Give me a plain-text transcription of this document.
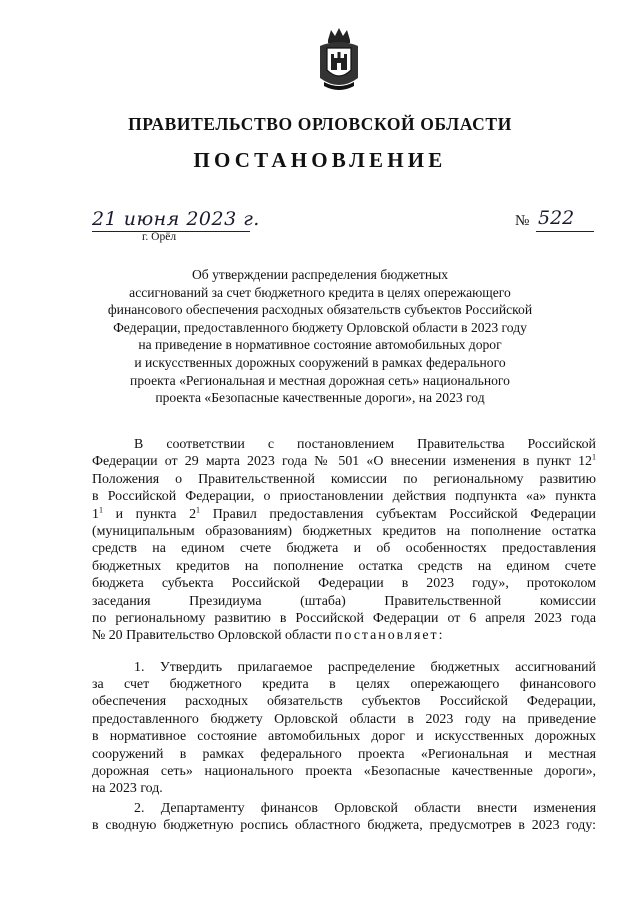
ПРАВИТЕЛЬСТВО ОРЛОВСКОЙ ОБЛАСТИ
ПОСТАНОВЛЕНИЕ
21 июня 2023 г.
г. Орёл
№ 522
Об утверждении распределения бюджетных
ассигнований за счет бюджетного кредита в целях опережающего
финансового обеспечения расходных обязательств субъектов Российской
Федерации, предоставленного бюджету Орловской области в 2023 году
на приведение в нормативное состояние автомобильных дорог
и искусственных дорожных сооружений в рамках федерального
проекта «Региональная и местная дорожная сеть» национального
проекта «Безопасные качественные дороги», на 2023 год
В соответствии с постановлением Правительства Российской
Федерации от 29 марта 2023 года № 501 «О внесении изменения в пункт $12^1$
Положения о Правительственной комиссии по региональному развитию
в Российской Федерации, о приостановлении действия подпункта «а» пункта
$1^1$ и пункта $2^1$ Правил предоставления субъектам Российской Федерации
(муниципальным образованиям) бюджетных кредитов на пополнение остатка
средств на едином счете бюджета и об особенностях предоставления
бюджетных кредитов на пополнение остатка средств на едином счете
бюджета субъекта Российской Федерации в 2023 году», протоколом
заседания Президиума (штаба) Правительственной комиссии
по региональному развитию в Российской Федерации от 6 апреля 2023 года
№ 20 Правительство Орловской области постановляет:
1. Утвердить прилагаемое распределение бюджетных ассигнований
за счет бюджетного кредита в целях опережающего финансового
обеспечения расходных обязательств субъектов Российской Федерации,
предоставленного бюджету Орловской области в 2023 году на приведение
в нормативное состояние автомобильных дорог и искусственных дорожных
сооружений в рамках федерального проекта «Региональная и местная
дорожная сеть» национального проекта «Безопасные качественные дороги»,
на 2023 год.
2. Департаменту финансов Орловской области внести изменения
в сводную бюджетную роспись областного бюджета, предусмотрев в 2023 году:
